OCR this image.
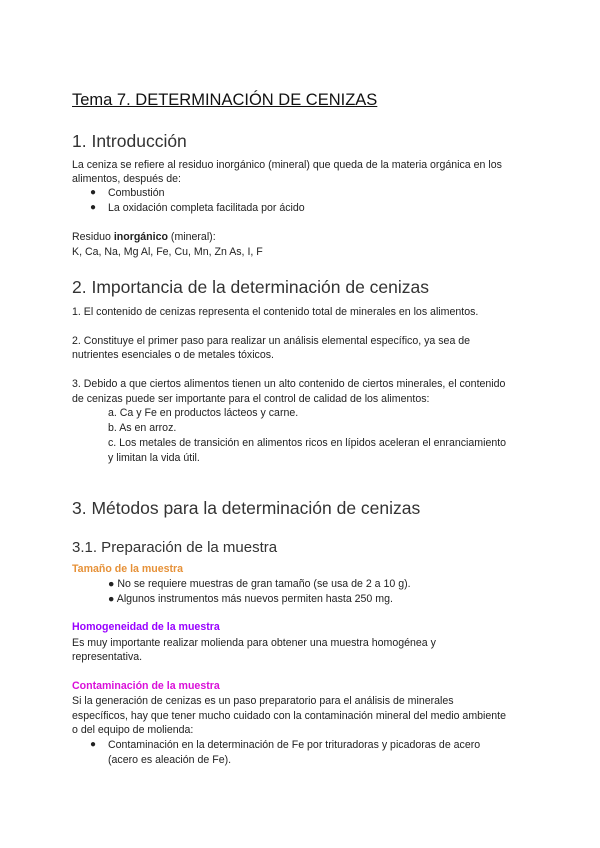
Tema 7. DETERMINACIÓN DE CENIZAS
1. Introducción
La ceniza se refiere al residuo inorgánico (mineral) que queda de la materia orgánica en los
alimentos, después de:
● Combustión
● La oxidación completa facilitada por ácido
Residuo inorgánico (mineral):
K, Ca, Na, Mg Al, Fe, Cu, Mn, Zn As, I, F
2. Importancia de la determinación de cenizas
1. El contenido de cenizas representa el contenido total de minerales en los alimentos.
2. Constituye el primer paso para realizar un análisis elemental específico, ya sea de
nutrientes esenciales o de metales tóxicos.
3. Debido a que ciertos alimentos tienen un alto contenido de ciertos minerales, el contenido
de cenizas puede ser importante para el control de calidad de los alimentos:
a. Ca y Fe en productos lácteos y carne.
b. As en arroz.
c. Los metales de transición en alimentos ricos en lípidos aceleran el enranciamiento
y limitan la vida útil.
3. Métodos para la determinación de cenizas
3.1. Preparación de la muestra
Tamaño de la muestra
● No se requiere muestras de gran tamaño (se usa de 2 a 10 g).
● Algunos instrumentos más nuevos permiten hasta 250 mg.
Homogeneidad de la muestra
Es muy importante realizar molienda para obtener una muestra homogénea y
representativa.
Contaminación de la muestra
Si la generación de cenizas es un paso preparatorio para el análisis de minerales
específicos, hay que tener mucho cuidado con la contaminación mineral del medio ambiente
o del equipo de molienda:
● Contaminación en la determinación de Fe por trituradoras y picadoras de acero
(acero es aleación de Fe).
